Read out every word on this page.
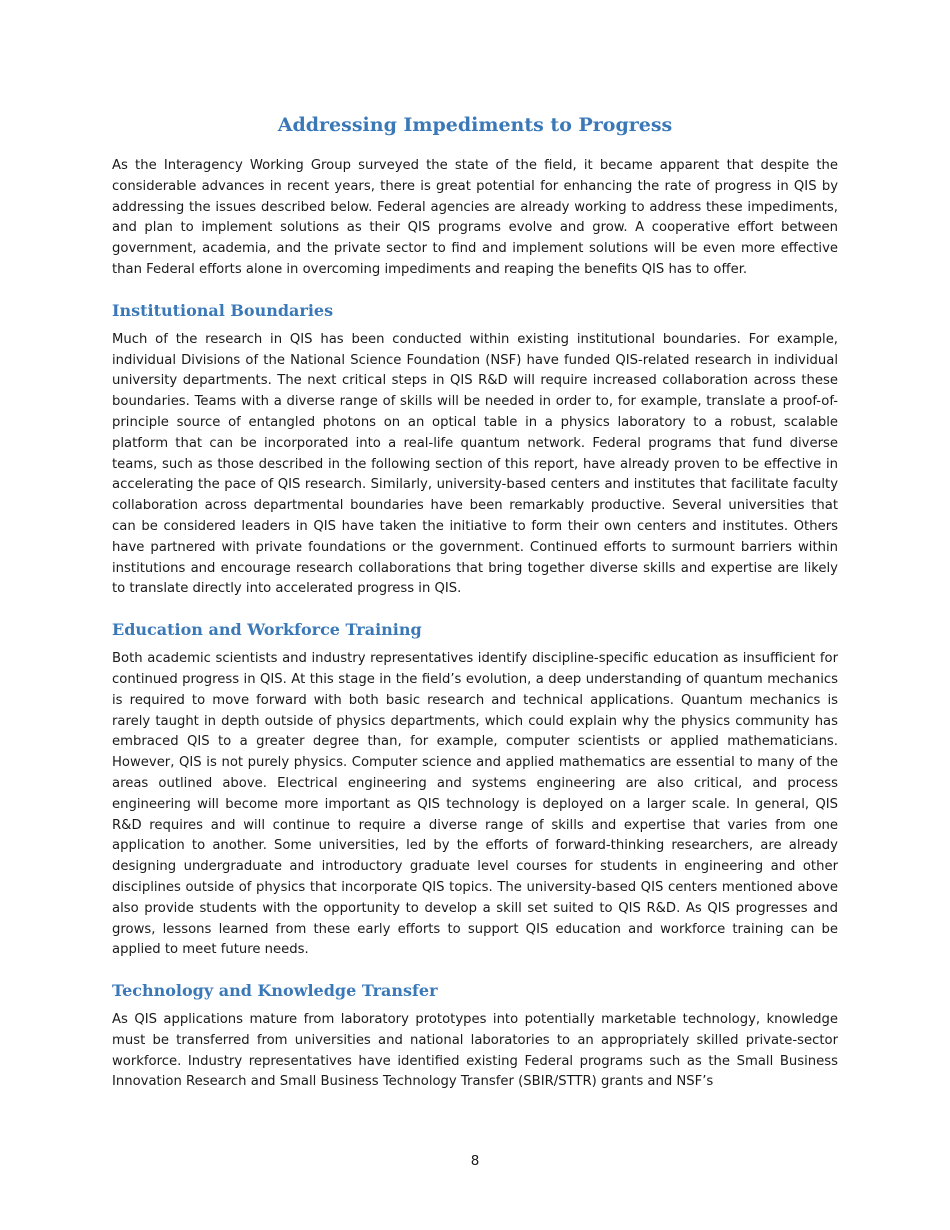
Addressing Impediments to Progress

As the Interagency Working Group surveyed the state of the field, it became apparent that despite the considerable advances in recent years, there is great potential for enhancing the rate of progress in QIS by addressing the issues described below. Federal agencies are already working to address these impediments, and plan to implement solutions as their QIS programs evolve and grow. A cooperative effort between government, academia, and the private sector to find and implement solutions will be even more effective than Federal efforts alone in overcoming impediments and reaping the benefits QIS has to offer.

Institutional Boundaries

Much of the research in QIS has been conducted within existing institutional boundaries. For example, individual Divisions of the National Science Foundation (NSF) have funded QIS-related research in individual university departments. The next critical steps in QIS R&D will require increased collaboration across these boundaries. Teams with a diverse range of skills will be needed in order to, for example, translate a proof-of-principle source of entangled photons on an optical table in a physics laboratory to a robust, scalable platform that can be incorporated into a real-life quantum network. Federal programs that fund diverse teams, such as those described in the following section of this report, have already proven to be effective in accelerating the pace of QIS research. Similarly, university-based centers and institutes that facilitate faculty collaboration across departmental boundaries have been remarkably productive. Several universities that can be considered leaders in QIS have taken the initiative to form their own centers and institutes. Others have partnered with private foundations or the government. Continued efforts to surmount barriers within institutions and encourage research collaborations that bring together diverse skills and expertise are likely to translate directly into accelerated progress in QIS.

Education and Workforce Training

Both academic scientists and industry representatives identify discipline-specific education as insufficient for continued progress in QIS. At this stage in the field’s evolution, a deep understanding of quantum mechanics is required to move forward with both basic research and technical applications. Quantum mechanics is rarely taught in depth outside of physics departments, which could explain why the physics community has embraced QIS to a greater degree than, for example, computer scientists or applied mathematicians. However, QIS is not purely physics. Computer science and applied mathematics are essential to many of the areas outlined above. Electrical engineering and systems engineering are also critical, and process engineering will become more important as QIS technology is deployed on a larger scale. In general, QIS R&D requires and will continue to require a diverse range of skills and expertise that varies from one application to another. Some universities, led by the efforts of forward-thinking researchers, are already designing undergraduate and introductory graduate level courses for students in engineering and other disciplines outside of physics that incorporate QIS topics. The university-based QIS centers mentioned above also provide students with the opportunity to develop a skill set suited to QIS R&D. As QIS progresses and grows, lessons learned from these early efforts to support QIS education and workforce training can be applied to meet future needs.

Technology and Knowledge Transfer

As QIS applications mature from laboratory prototypes into potentially marketable technology, knowledge must be transferred from universities and national laboratories to an appropriately skilled private-sector workforce. Industry representatives have identified existing Federal programs such as the Small Business Innovation Research and Small Business Technology Transfer (SBIR/STTR) grants and NSF’s

8
